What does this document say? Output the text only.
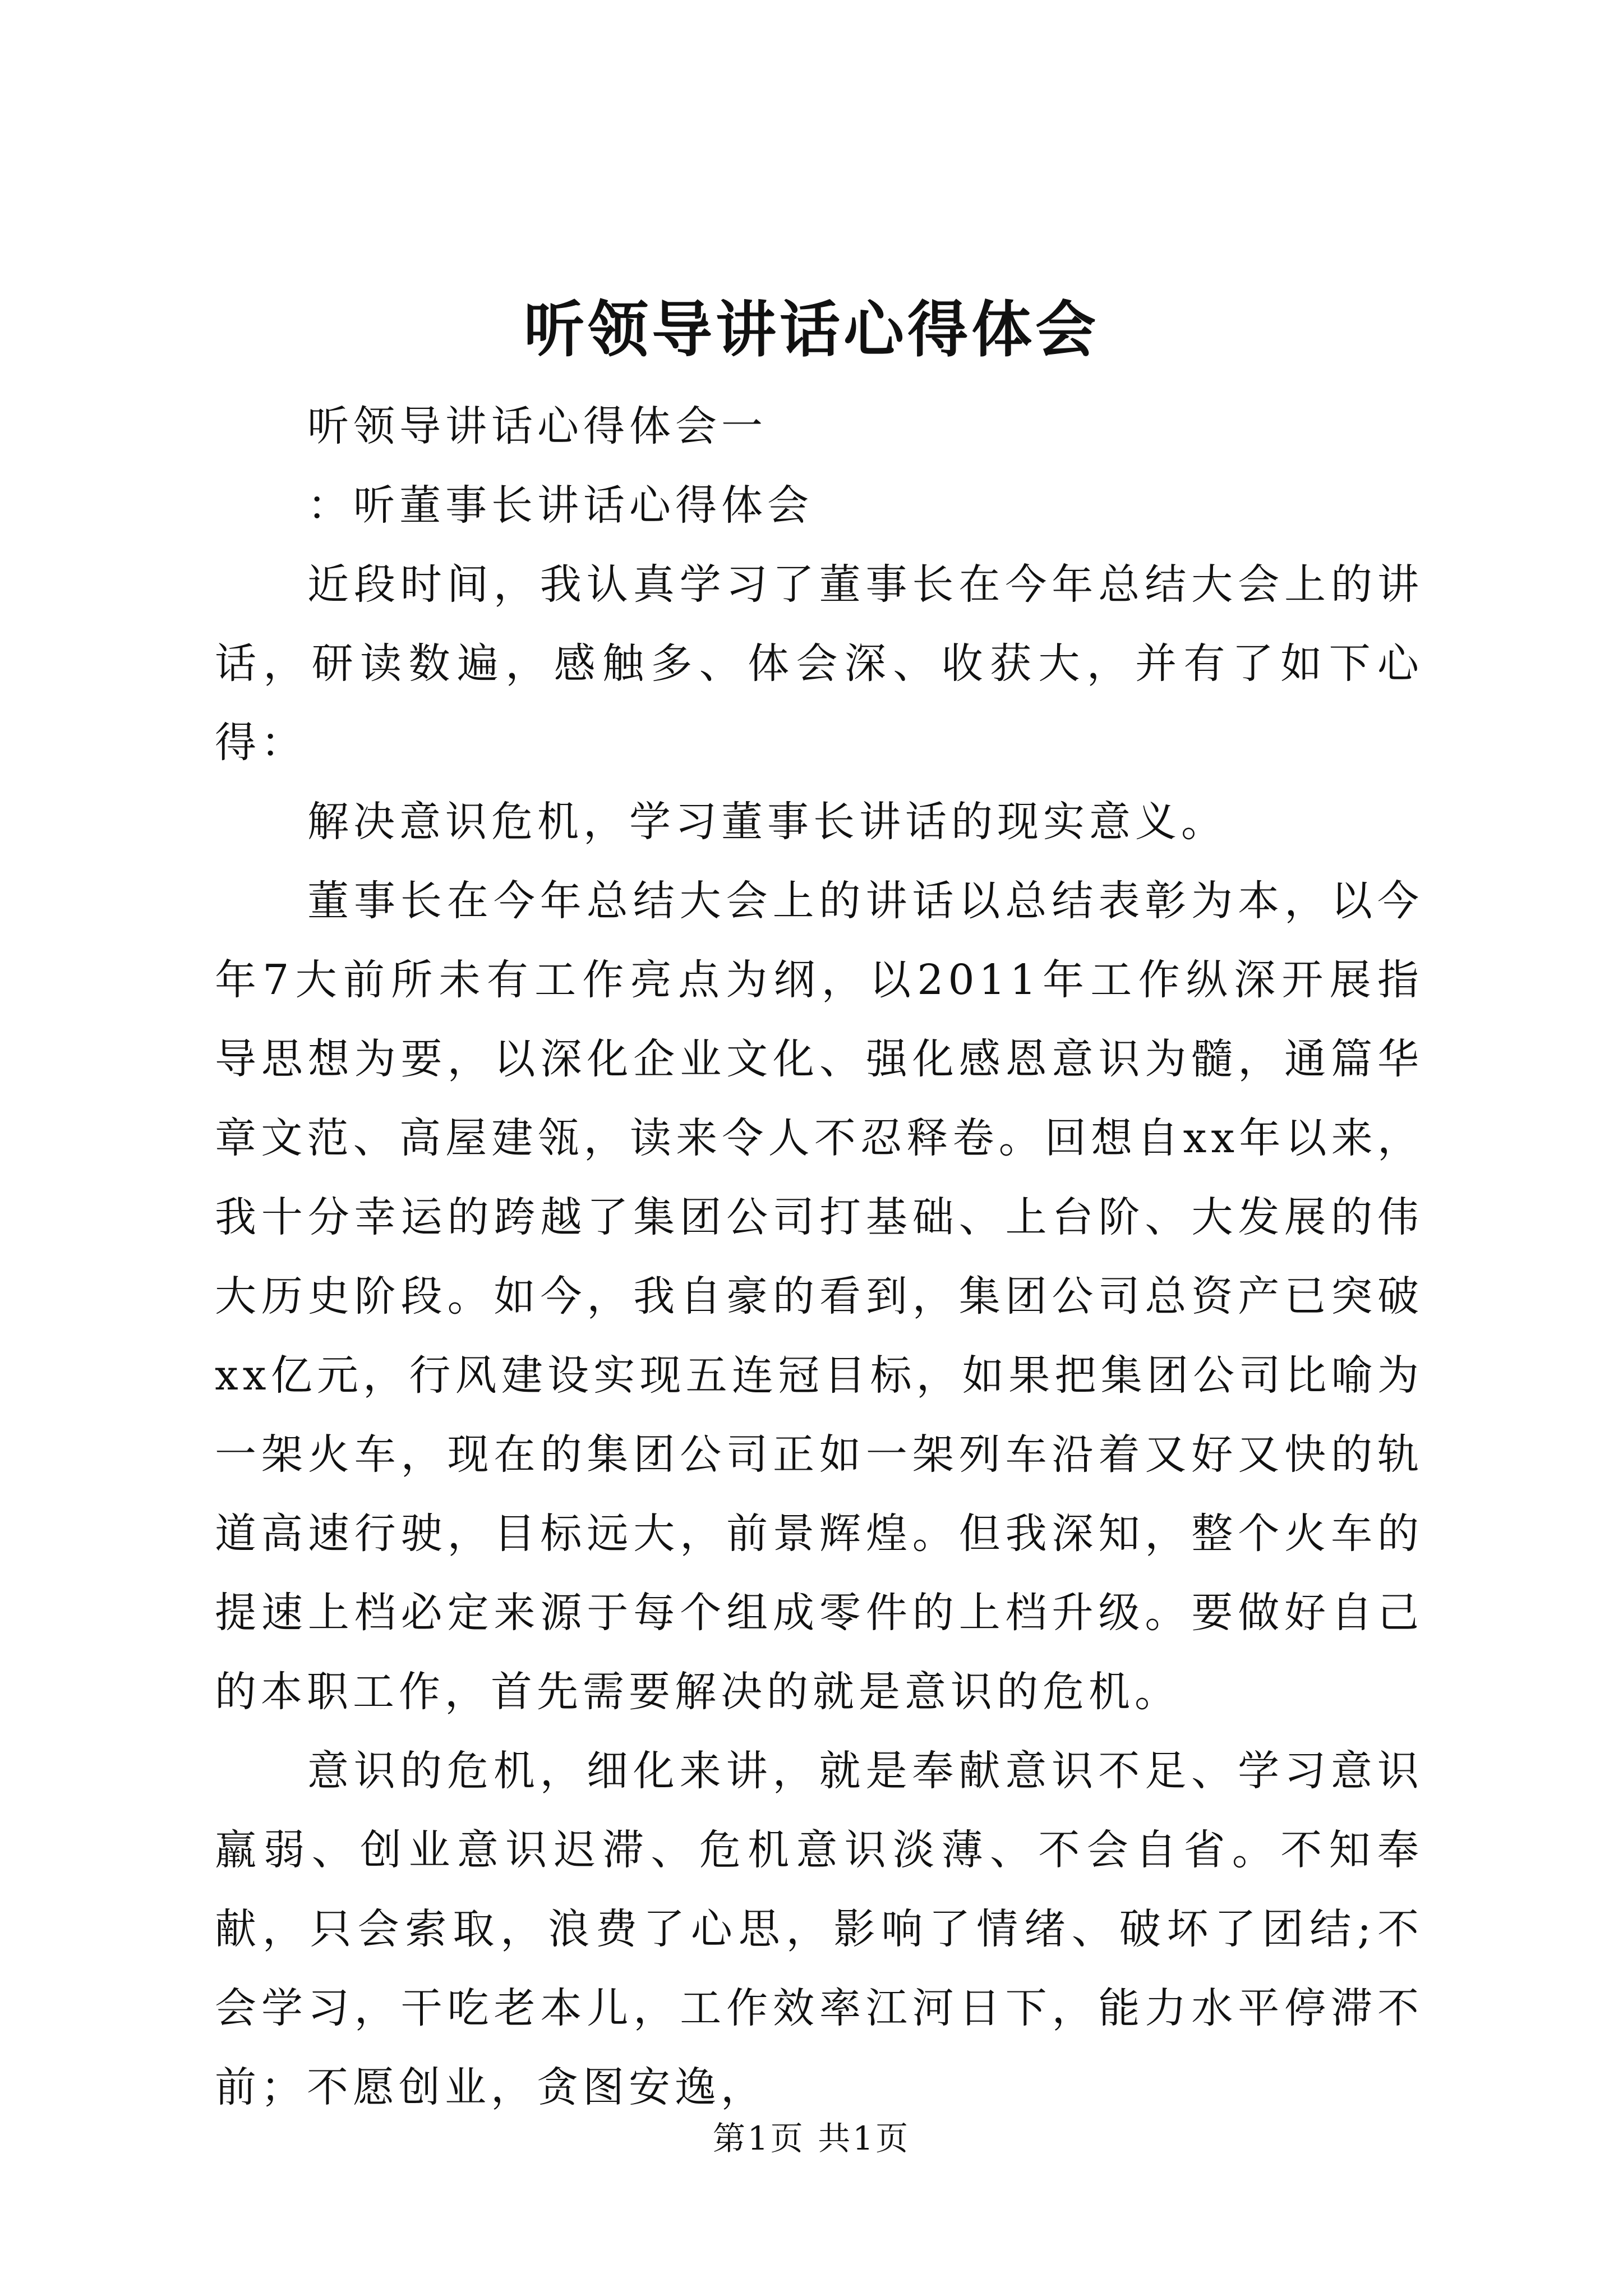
听领导讲话心得体会

听领导讲话心得体会一

：听董事长讲话心得体会

近段时间，我认真学习了董事长在今年总结大会上的讲话，研读数遍，感触多、体会深、收获大，并有了如下心得：

解决意识危机，学习董事长讲话的现实意义。

董事长在今年总结大会上的讲话以总结表彰为本，以今年7大前所未有工作亮点为纲，以2011年工作纵深开展指导思想为要，以深化企业文化、强化感恩意识为髓，通篇华章文范、高屋建瓴，读来令人不忍释卷。回想自xx年以来，我十分幸运的跨越了集团公司打基础、上台阶、大发展的伟大历史阶段。如今，我自豪的看到，集团公司总资产已突破xx亿元，行风建设实现五连冠目标，如果把集团公司比喻为一架火车，现在的集团公司正如一架列车沿着又好又快的轨道高速行驶，目标远大，前景辉煌。但我深知，整个火车的提速上档必定来源于每个组成零件的上档升级。要做好自己的本职工作，首先需要解决的就是意识的危机。

意识的危机，细化来讲，就是奉献意识不足、学习意识羸弱、创业意识迟滞、危机意识淡薄、不会自省。不知奉献，只会索取，浪费了心思，影响了情绪、破坏了团结;不会学习，干吃老本儿，工作效率江河日下，能力水平停滞不前；不愿创业，贪图安逸，

第1页 共1页
